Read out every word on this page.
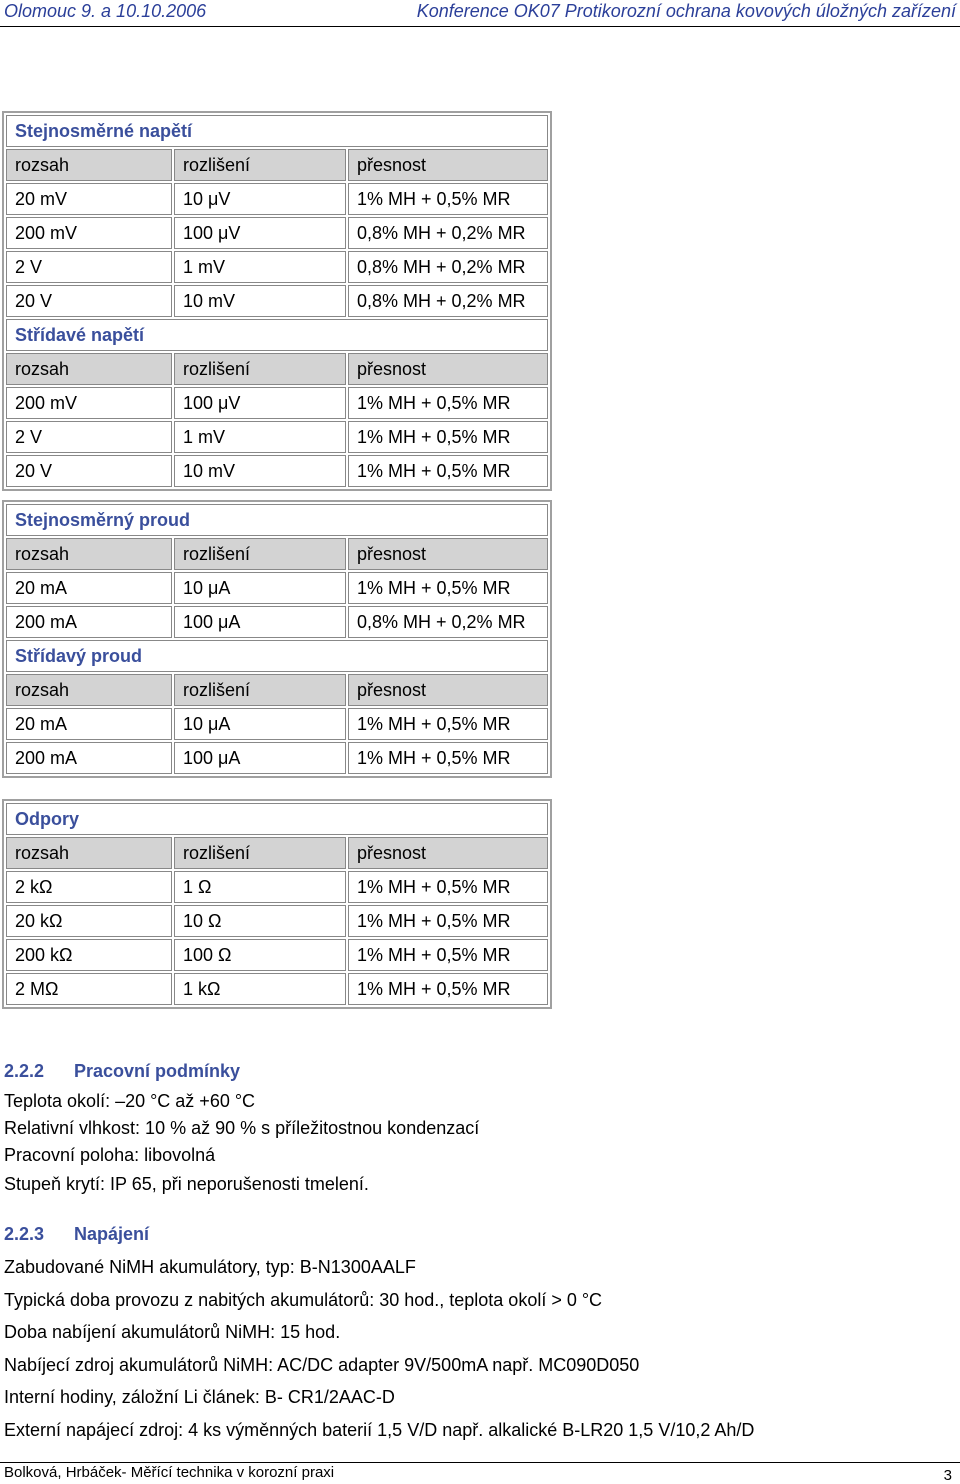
Olomouc 9. a 10.10.2006	Konference OK07 Protikorozní ochrana kovových úložných zařízení
Stejnosměrné napětí		
rozsah	rozlišení	přesnost
20 mV	10 μV	1% MH + 0,5% MR
200 mV	100 μV	0,8% MH + 0,2% MR
2 V	1 mV	0,8% MH + 0,2% MR
20 V	10 mV	0,8% MH + 0,2% MR
Střídavé napětí		
rozsah	rozlišení	přesnost
200 mV	100 μV	1% MH + 0,5% MR
2 V	1 mV	1% MH + 0,5% MR
20 V	10 mV	1% MH + 0,5% MR
Stejnosměrný proud		
rozsah	rozlišení	přesnost
20 mA	10 μA	1% MH + 0,5% MR
200 mA	100 μA	0,8% MH + 0,2% MR
Střídavý proud		
rozsah	rozlišení	přesnost
20 mA	10 μA	1% MH + 0,5% MR
200 mA	100 μA	1% MH + 0,5% MR
Odpory		
rozsah	rozlišení	přesnost
2 kΩ	1 Ω	1% MH + 0,5% MR
20 kΩ	10 Ω	1% MH + 0,5% MR
200 kΩ	100 Ω	1% MH + 0,5% MR
2 MΩ	1 kΩ	1% MH + 0,5% MR
2.2.2 Pracovní podmínky
Teplota okolí: –20 °C až +60 °C
Relativní vlhkost: 10 % až 90 % s příležitostnou kondenzací
Pracovní poloha: libovolná
Stupeň krytí: IP 65, při neporušenosti tmelení.
2.2.3 Napájení
Zabudované NiMH akumulátory, typ: B-N1300AALF
Typická doba provozu z nabitých akumulátorů: 30 hod., teplota okolí > 0 °C
Doba nabíjení akumulátorů NiMH: 15 hod.
Nabíjecí zdroj akumulátorů NiMH: AC/DC adapter 9V/500mA např. MC090D050
Interní hodiny, záložní Li článek: B- CR1/2AAC-D
Externí napájecí zdroj: 4 ks výměnných baterií 1,5 V/D např. alkalické B-LR20 1,5 V/10,2 Ah/D
Bolková, Hrbáček- Měřící technika v korozní praxi	3
